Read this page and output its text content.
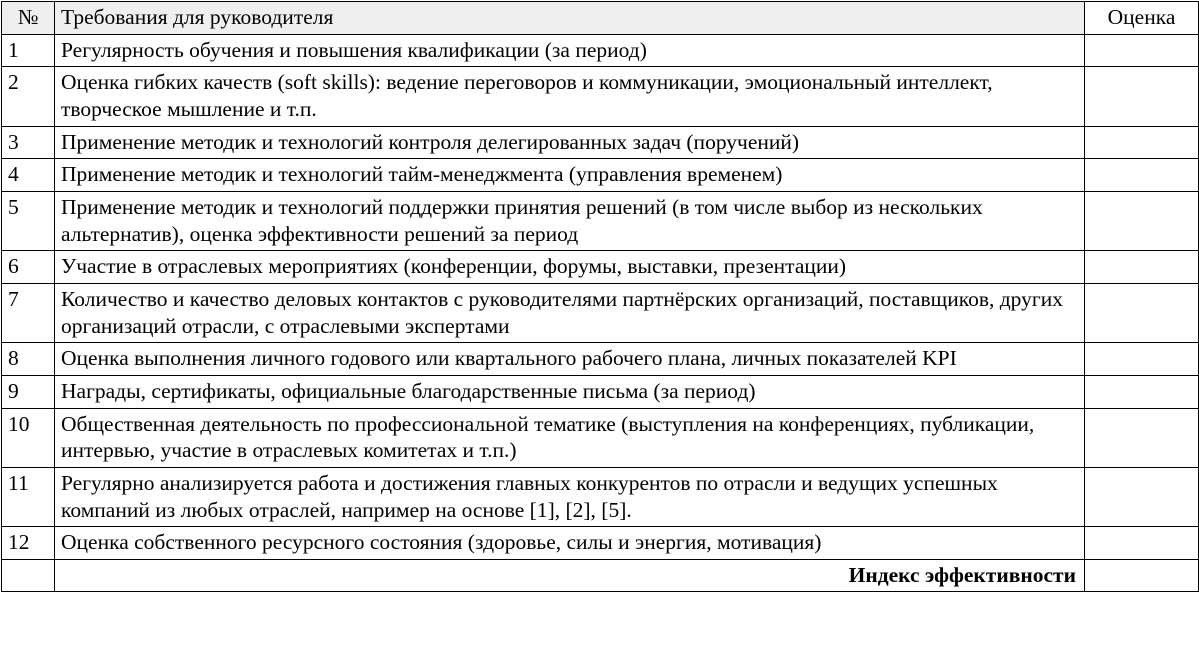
№	Требования для руководителя	Оценка
1	Регулярность обучения и повышения квалификации (за период)	
2	Оценка гибких качеств (soft skills): ведение переговоров и коммуникации, эмоциональный интеллект, творческое мышление и т.п.	
3	Применение методик и технологий контроля делегированных задач (поручений)	
4	Применение методик и технологий тайм-менеджмента (управления временем)	
5	Применение методик и технологий поддержки принятия решений (в том числе выбор из нескольких альтернатив), оценка эффективности решений за период	
6	Участие в отраслевых мероприятиях (конференции, форумы, выставки, презентации)	
7	Количество и качество деловых контактов с руководителями партнёрских организаций, поставщиков, других организаций отрасли, с отраслевыми экспертами	
8	Оценка выполнения личного годового или квартального рабочего плана, личных показателей KPI	
9	Награды, сертификаты, официальные благодарственные письма (за период)	
10	Общественная деятельность по профессиональной тематике (выступления на конференциях, публикации, интервью, участие в отраслевых комитетах и т.п.)	
11	Регулярно анализируется работа и достижения главных конкурентов по отрасли и ведущих успешных компаний из любых отраслей, например на основе [1], [2], [5].	
12	Оценка собственного ресурсного состояния (здоровье, силы и энергия, мотивация)	
	Индекс эффективности	
